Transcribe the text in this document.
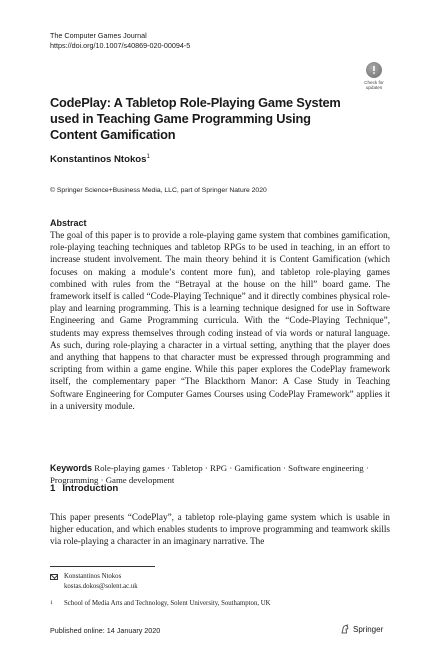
The Computer Games Journal
https://doi.org/10.1007/s40869-020-00094-5
Check for
updates
CodePlay: A Tabletop Role-Playing Game System used in Teaching Game Programming Using Content Gamification
Konstantinos Ntokos$^1$
© Springer Science+Business Media, LLC, part of Springer Nature 2020
Abstract
The goal of this paper is to provide a role-playing game system that combines gamification, role-playing teaching techniques and tabletop RPGs to be used in teaching, in an effort to increase student involvement. The main theory behind it is Content Gamification (which focuses on making a module’s content more fun), and tabletop role-playing games combined with rules from the “Betrayal at the house on the hill” board game. The framework itself is called “Code-Playing Technique” and it directly combines physical role-play and learning programming. This is a learning technique designed for use in Software Engineering and Game Programming curricula. With the “Code-Playing Technique”, students may express themselves through coding instead of via words or natural language. As such, during role-playing a character in a virtual setting, anything that the player does and anything that happens to that character must be expressed through programming and scripting from within a game engine. While this paper explores the CodePlay framework itself, the complementary paper “The Blackthorn Manor: A Case Study in Teaching Software Engineering for Computer Games Courses using CodePlay Framework” applies it in a university module.
Keywords Role-playing games · Tabletop · RPG · Gamification · Software engineering · Programming · Game development
1 Introduction
This paper presents “CodePlay”, a tabletop role-playing game system which is usable in higher education, and which enables students to improve programming and teamwork skills via role-playing a character in an imaginary narrative. The
Konstantinos Ntokos
kostas.dokos@solent.ac.uk
1 School of Media Arts and Technology, Solent University, Southampton, UK
Published online: 14 January 2020	Springer
